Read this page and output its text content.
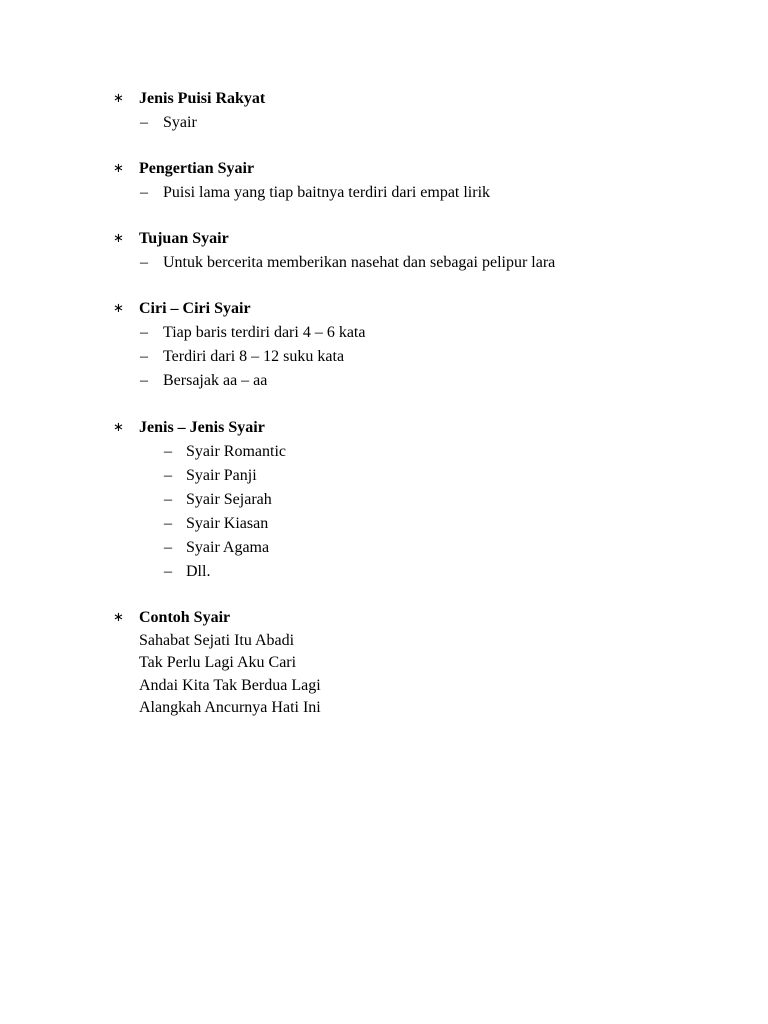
∗ Jenis Puisi Rakyat
– Syair
∗ Pengertian Syair
– Puisi lama yang tiap baitnya terdiri dari empat lirik
∗ Tujuan Syair
– Untuk bercerita memberikan nasehat dan sebagai pelipur lara
∗ Ciri – Ciri Syair
– Tiap baris terdiri dari 4 – 6 kata
– Terdiri dari 8 – 12 suku kata
– Bersajak aa – aa
∗ Jenis – Jenis Syair
– Syair Romantic
– Syair Panji
– Syair Sejarah
– Syair Kiasan
– Syair Agama
– Dll.
∗ Contoh Syair
Sahabat Sejati Itu Abadi
Tak Perlu Lagi Aku Cari
Andai Kita Tak Berdua Lagi
Alangkah Ancurnya Hati Ini
